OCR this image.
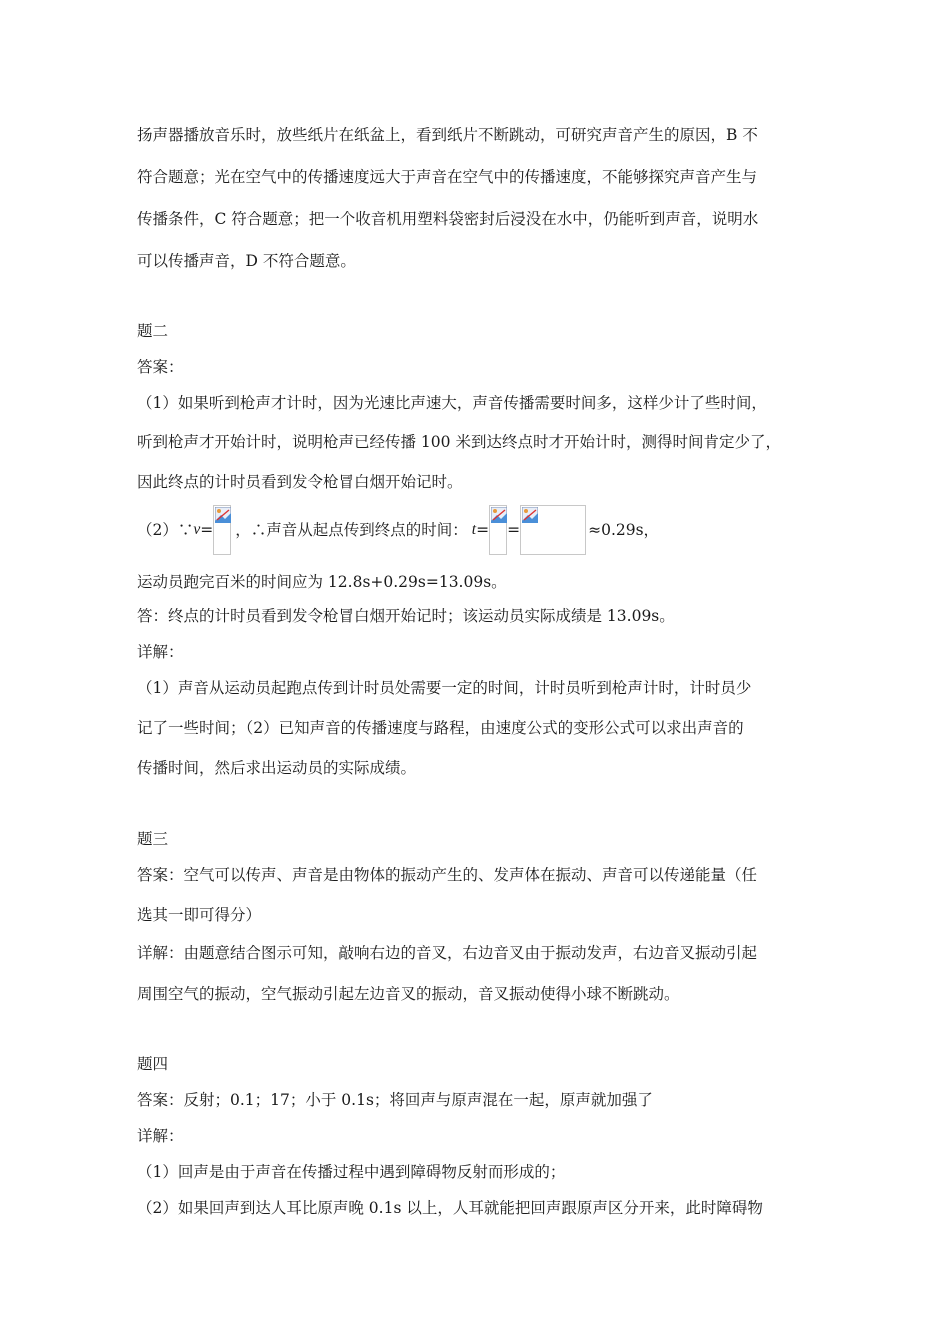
扬声器播放音乐时，放些纸片在纸盆上，看到纸片不断跳动，可研究声音产生的原因，B 不
符合题意；光在空气中的传播速度远大于声音在空气中的传播速度，不能够探究声音产生与
传播条件，C 符合题意；把一个收音机用塑料袋密封后浸没在水中，仍能听到声音，说明水
可以传播声音，D 不符合题意。
题二
答案：
（1）如果听到枪声才计时，因为光速比声速大，声音传播需要时间多，这样少计了些时间，
听到枪声才开始计时，说明枪声已经传播 100 米到达终点时才开始计时，测得时间肯定少了，
因此终点的计时员看到发令枪冒白烟开始记时。
（2）∵ v = ，∴声音从起点传到终点的时间： t = =	≈0.29s，
运动员跑完百米的时间应为 12.8s+0.29s=13.09s。
答：终点的计时员看到发令枪冒白烟开始记时；该运动员实际成绩是 13.09s。
详解：
（1）声音从运动员起跑点传到计时员处需要一定的时间，计时员听到枪声计时，计时员少
记了一些时间；（2）已知声音的传播速度与路程，由速度公式的变形公式可以求出声音的
传播时间，然后求出运动员的实际成绩。
题三
答案：空气可以传声、声音是由物体的振动产生的、发声体在振动、声音可以传递能量（任
选其一即可得分）
详解：由题意结合图示可知，敲响右边的音叉，右边音叉由于振动发声，右边音叉振动引起
周围空气的振动，空气振动引起左边音叉的振动，音叉振动使得小球不断跳动。
题四
答案：反射；0.1；17；小于 0.1s；将回声与原声混在一起，原声就加强了
详解：
（1）回声是由于声音在传播过程中遇到障碍物反射而形成的；
（2）如果回声到达人耳比原声晚 0.1s 以上，人耳就能把回声跟原声区分开来，此时障碍物
